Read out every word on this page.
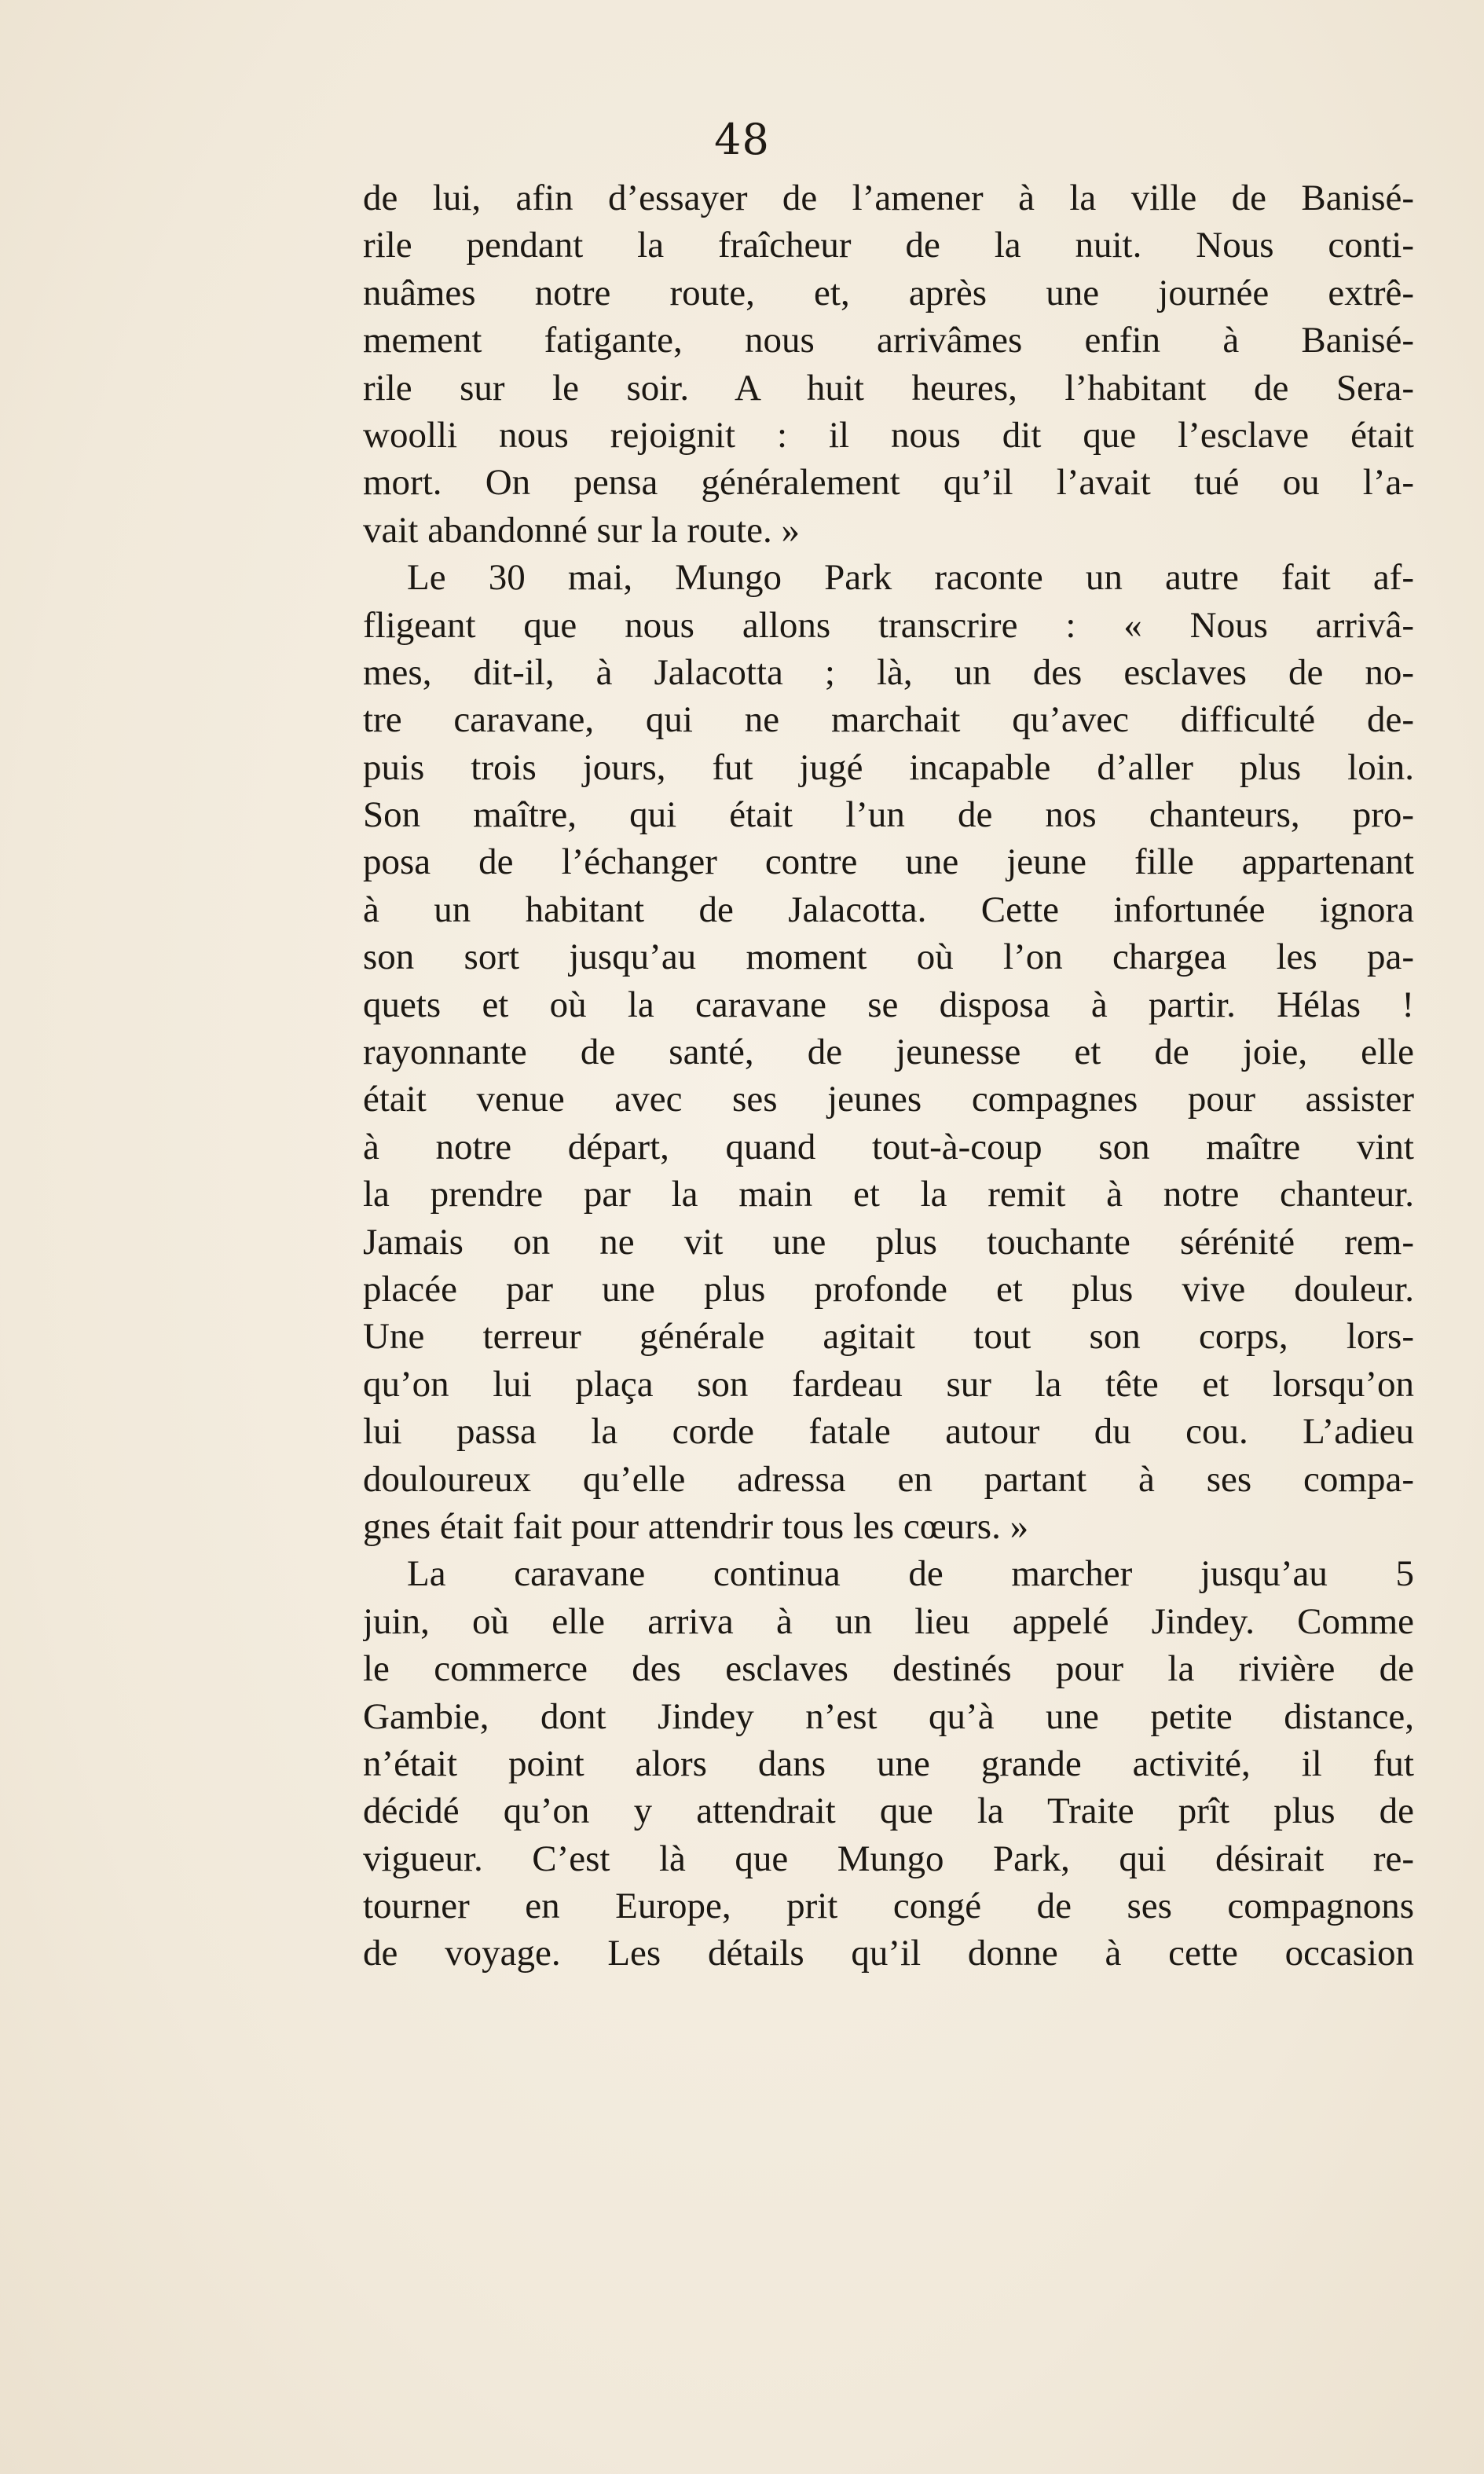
48
de lui, afin d’essayer de l’amener à la ville de Banisé-
rile pendant la fraîcheur de la nuit. Nous conti-
nuâmes notre route, et, après une journée extrê-
mement fatigante, nous arrivâmes enfin à Banisé-
rile sur le soir. A huit heures, l’habitant de Sera-
woolli nous rejoignit : il nous dit que l’esclave était
mort. On pensa généralement qu’il l’avait tué ou l’a-
vait abandonné sur la route. »
Le 30 mai, Mungo Park raconte un autre fait af-
fligeant que nous allons transcrire : « Nous arrivâ-
mes, dit-il, à Jalacotta ; là, un des esclaves de no-
tre caravane, qui ne marchait qu’avec difficulté de-
puis trois jours, fut jugé incapable d’aller plus loin.
Son maître, qui était l’un de nos chanteurs, pro-
posa de l’échanger contre une jeune fille appartenant
à un habitant de Jalacotta. Cette infortunée ignora
son sort jusqu’au moment où l’on chargea les pa-
quets et où la caravane se disposa à partir. Hélas !
rayonnante de santé, de jeunesse et de joie, elle
était venue avec ses jeunes compagnes pour assister
à notre départ, quand tout-à-coup son maître vint
la prendre par la main et la remit à notre chanteur.
Jamais on ne vit une plus touchante sérénité rem-
placée par une plus profonde et plus vive douleur.
Une terreur générale agitait tout son corps, lors-
qu’on lui plaça son fardeau sur la tête et lorsqu’on
lui passa la corde fatale autour du cou. L’adieu
douloureux qu’elle adressa en partant à ses compa-
gnes était fait pour attendrir tous les cœurs. »
La caravane continua de marcher jusqu’au 5
juin, où elle arriva à un lieu appelé Jindey. Comme
le commerce des esclaves destinés pour la rivière de
Gambie, dont Jindey n’est qu’à une petite distance,
n’était point alors dans une grande activité, il fut
décidé qu’on y attendrait que la Traite prît plus de
vigueur. C’est là que Mungo Park, qui désirait re-
tourner en Europe, prit congé de ses compagnons
de voyage. Les détails qu’il donne à cette occasion
